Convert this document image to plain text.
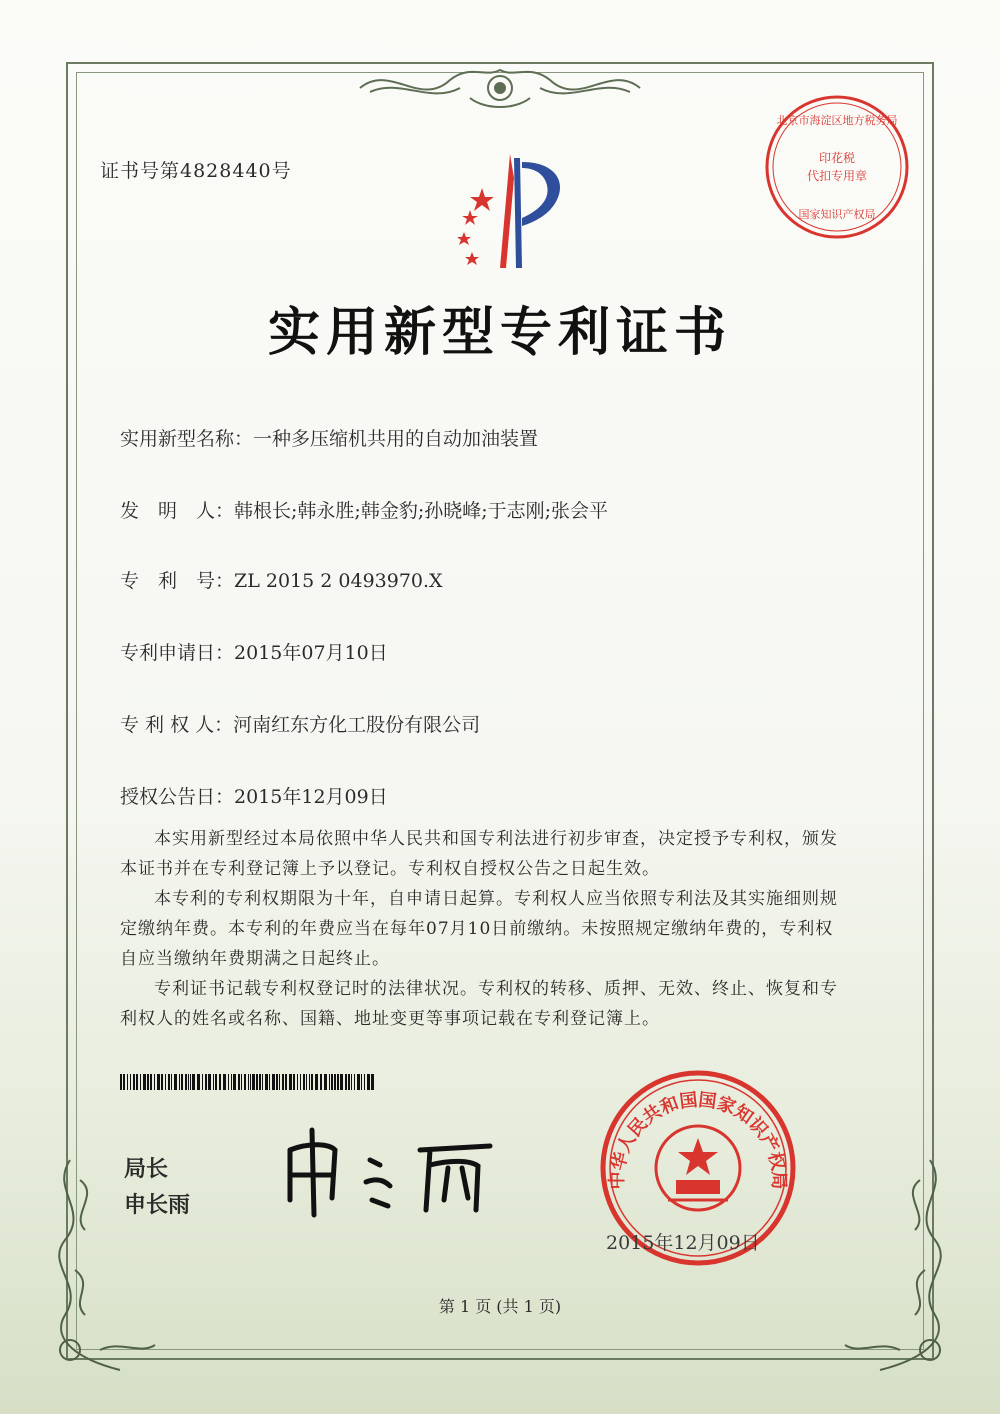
证书号第4828440号
北京市海淀区地方税务局
印花税
代扣专用章
国家知识产权局
实用新型专利证书
实用新型名称：一种多压缩机共用的自动加油装置
发　明　人：韩根长;韩永胜;韩金豹;孙晓峰;于志刚;张会平
专　利　号：ZL 2015 2 0493970.X
专利申请日：2015年07月10日
专 利 权 人：河南红东方化工股份有限公司
授权公告日：2015年12月09日
本实用新型经过本局依照中华人民共和国专利法进行初步审查，决定授予专利权，颁发本证书并在专利登记簿上予以登记。专利权自授权公告之日起生效。
本专利的专利权期限为十年，自申请日起算。专利权人应当依照专利法及其实施细则规定缴纳年费。本专利的年费应当在每年07月10日前缴纳。未按照规定缴纳年费的，专利权自应当缴纳年费期满之日起终止。
专利证书记载专利权登记时的法律状况。专利权的转移、质押、无效、终止、恢复和专利权人的姓名或名称、国籍、地址变更等事项记载在专利登记簿上。
局长
申长雨
中华人民共和国国家知识产权局
2015年12月09日
第 1 页 (共 1 页)
